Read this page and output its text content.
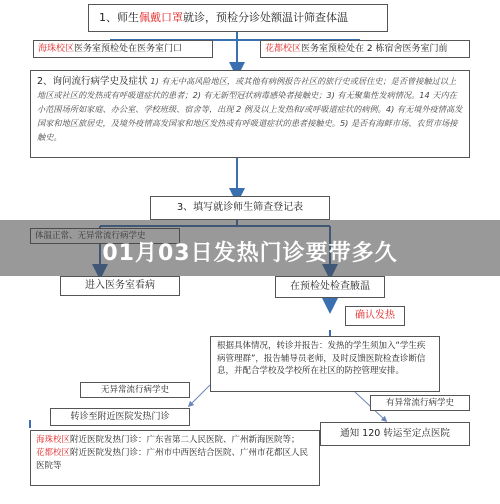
1、师生佩戴口罩就诊，预检分诊处额温计筛查体温
海珠校区医务室预检处在医务室门口	花都校区医务室预检处在 2 栋宿舍医务室门前
2、询问流行病学史及症状 1) 有无中高风险地区，或其他有病例报告社区的旅行史或居住史；是否曾接触过以上地区或社区的发热或有呼吸道症状的患者；2) 有无新型冠状病毒感染者接触史；3) 有无聚集性发病情况。14 天内在小范围场所如家庭、办公室、学校班级、宿舍等，出现 2 例及以上发热和/或呼吸道症状的病例。4) 有无境外疫情高发国家和地区旅居史，及境外疫情高发国家和地区发热或有呼吸道症状的患者接触史。5) 是否有海鲜市场、农贸市场接触史。
3、填写就诊师生筛查登记表
01月03日发热门诊要带多久
进入医务室看病	在预检处检查腋温
确认发热
根据具体情况，转诊并报告：发热的学生须加入“学生疾病管理群”，报告辅导员老师，及时反馈医院检查诊断信息，并配合学校及学校所在社区的防控管理安排。
无异常流行病学史
有异常流行病学史
转诊至附近医院发热门诊
通知 120 转运至定点医院
海珠校区附近医院发热门诊：广东省第二人民医院、广州新海医院等；
花都校区附近医院发热门诊：广州市中西医结合医院、广州市花都区人民医院等
